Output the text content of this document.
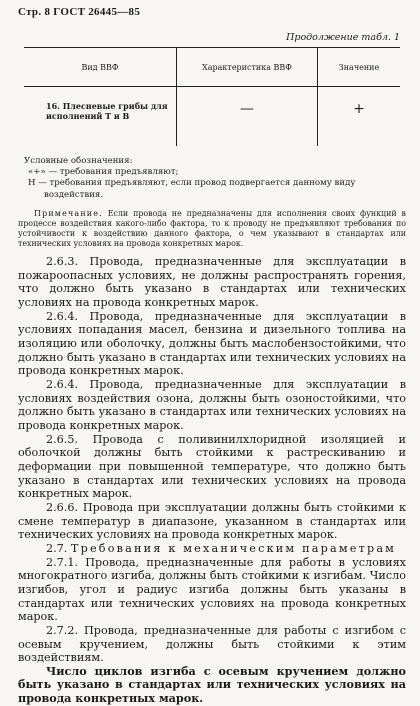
Стр. 8 ГОСТ 26445—85
Продолжение табл. 1
Вид ВВФ	Характеристика ВВФ	Значение
16. Плесневые грибы для исполнений Т и В	—	+
Условные обозначения:
«+» — требования предъявляют;
Н — требования предъявляют, если провод подвергается данному виду
воздействия.
Примечание. Если провода не предназначены для исполнения своих функций в процессе воздействия какого-либо фактора, то к проводу не предъявляют требования по устойчивости к воздействию данного фактора, о чем указывают в стандартах или технических условиях на провода конкретных марок.

2.6.3. Провода, предназначенные для эксплуатации в пожароопасных условиях, не должны распространять горения, что должно быть указано в стандартах или технических условиях на провода конкретных марок.

2.6.4. Провода, предназначенные для эксплуатации в условиях попадания масел, бензина и дизельного топлива на изоляцию или оболочку, должны быть маслобензостойкими, что должно быть указано в стандартах или технических условиях на провода конкретных марок.

2.6.4. Провода, предназначенные для эксплуатации в условиях воздействия озона, должны быть озоностойкими, что должно быть указано в стандартах или технических условиях на провода конкретных марок.

2.6.5. Провода с поливинилхлоридной изоляцией и оболочкой должны быть стойкими к растрескиванию и деформации при повышенной температуре, что должно быть указано в стандартах или технических условиях на провода конкретных марок.

2.6.6. Провода при эксплуатации должны быть стойкими к смене температур в диапазоне, указанном в стандартах или технических условиях на провода конкретных марок.

2.7. Требования к механическим параметрам

2.7.1. Провода, предназначенные для работы в условиях многократного изгиба, должны быть стойкими к изгибам. Число изгибов, угол и радиус изгиба должны быть указаны в стандартах или технических условиях на провода конкретных марок.

2.7.2. Провода, предназначенные для работы с изгибом с осевым кручением, должны быть стойкими к этим воздействиям.

Число циклов изгиба с осевым кручением должно быть указано в стандартах или технических условиях на провода конкретных марок.
